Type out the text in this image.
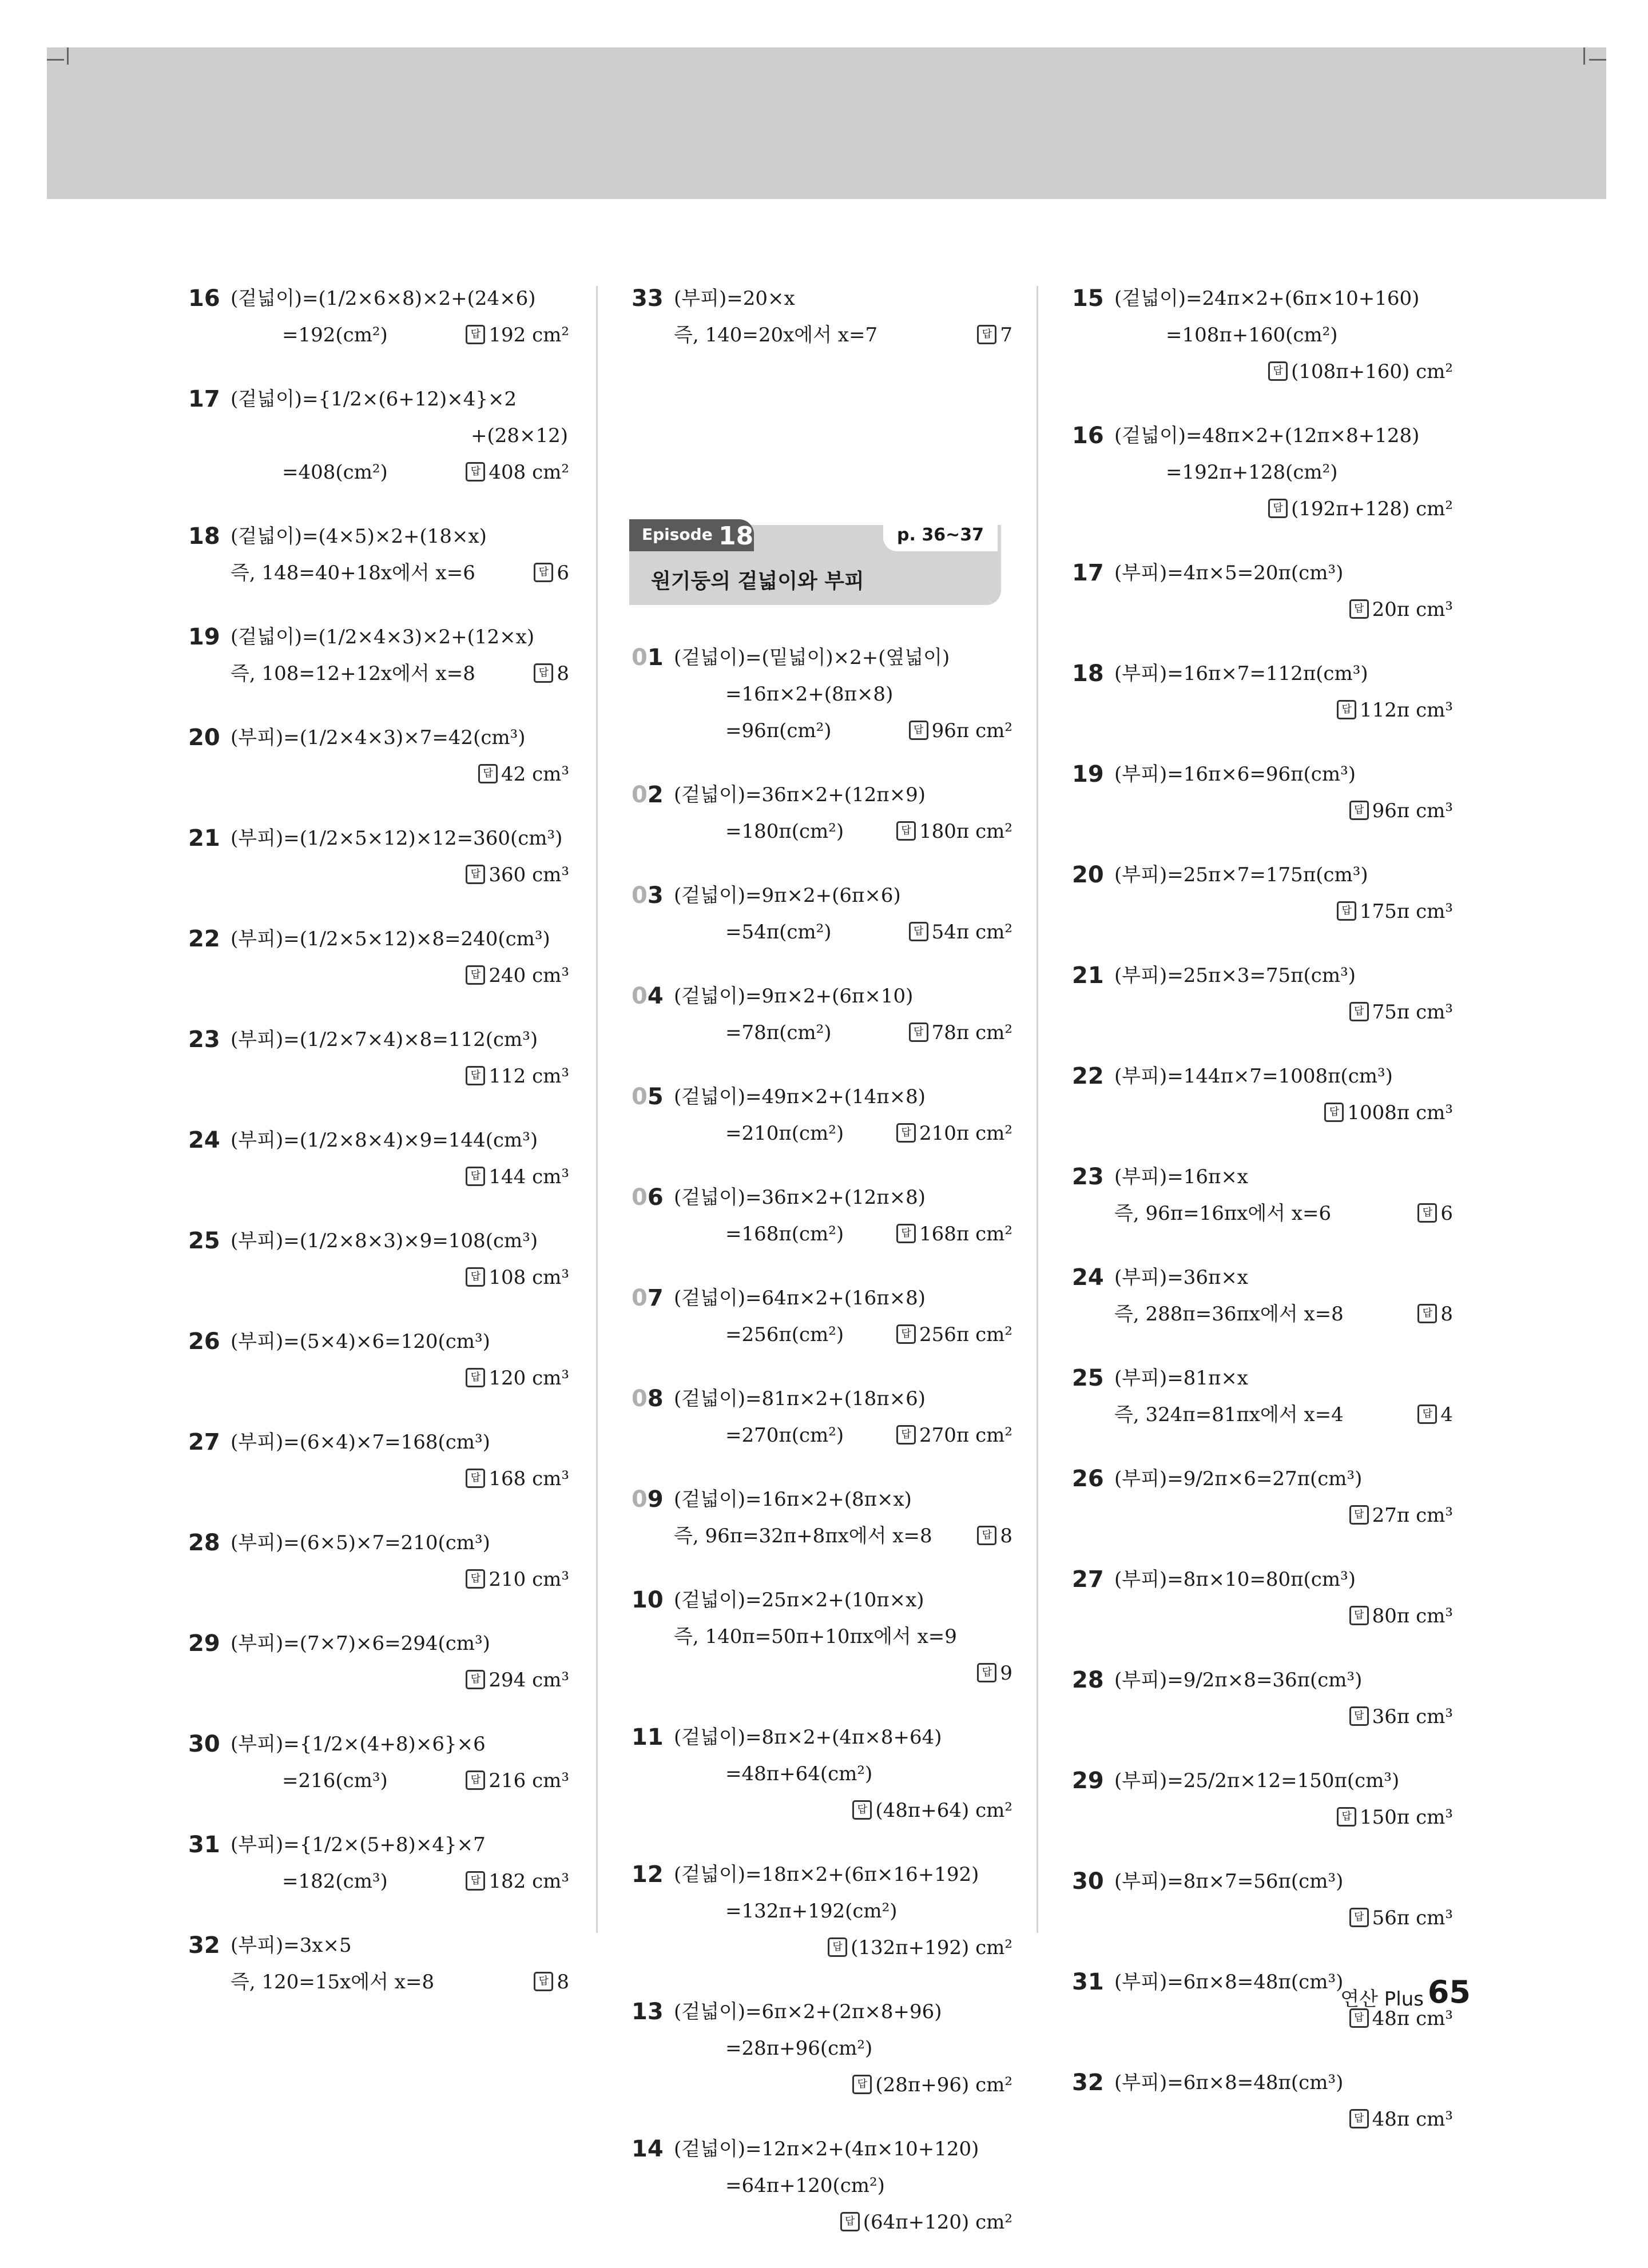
16 (겉넓이)=(1/2×6×8)×2+(24×6)
=192(cm²)	답 192 cm²
17 (겉넓이)={1/2×(6+12)×4}×2
+(28×12)
=408(cm²)	답 408 cm²
18 (겉넓이)=(4×5)×2+(18×x)
즉, 148=40+18x에서 x=6	답 6
19 (겉넓이)=(1/2×4×3)×2+(12×x)
즉, 108=12+12x에서 x=8	답 8
20 (부피)=(1/2×4×3)×7=42(cm³)
답 42 cm³
21 (부피)=(1/2×5×12)×12=360(cm³)
답 360 cm³
22 (부피)=(1/2×5×12)×8=240(cm³)
답 240 cm³
23 (부피)=(1/2×7×4)×8=112(cm³)
답 112 cm³
24 (부피)=(1/2×8×4)×9=144(cm³)
답 144 cm³
25 (부피)=(1/2×8×3)×9=108(cm³)
답 108 cm³
26 (부피)=(5×4)×6=120(cm³)
답 120 cm³
27 (부피)=(6×4)×7=168(cm³)
답 168 cm³
28 (부피)=(6×5)×7=210(cm³)
답 210 cm³
29 (부피)=(7×7)×6=294(cm³)
답 294 cm³
30 (부피)={1/2×(4+8)×6}×6
=216(cm³)	답 216 cm³
31 (부피)={1/2×(5+8)×4}×7
=182(cm³)	답 182 cm³
32 (부피)=3x×5
즉, 120=15x에서 x=8	답 8
33 (부피)=20×x
즉, 140=20x에서 x=7	답 7
Episode 18	p. 36~37
원기둥의 겉넓이와 부피
01 (겉넓이)=(밑넓이)×2+(옆넓이)
=16π×2+(8π×8)
=96π(cm²)	답 96π cm²
02 (겉넓이)=36π×2+(12π×9)
=180π(cm²)	답 180π cm²
03 (겉넓이)=9π×2+(6π×6)
=54π(cm²)	답 54π cm²
04 (겉넓이)=9π×2+(6π×10)
=78π(cm²)	답 78π cm²
05 (겉넓이)=49π×2+(14π×8)
=210π(cm²)	답 210π cm²
06 (겉넓이)=36π×2+(12π×8)
=168π(cm²)	답 168π cm²
07 (겉넓이)=64π×2+(16π×8)
=256π(cm²)	답 256π cm²
08 (겉넓이)=81π×2+(18π×6)
=270π(cm²)	답 270π cm²
09 (겉넓이)=16π×2+(8π×x)
즉, 96π=32π+8πx에서 x=8	답 8
10 (겉넓이)=25π×2+(10π×x)
즉, 140π=50π+10πx에서 x=9
답 9
11 (겉넓이)=8π×2+(4π×8+64)
=48π+64(cm²)
답 (48π+64) cm²
12 (겉넓이)=18π×2+(6π×16+192)
=132π+192(cm²)
답 (132π+192) cm²
13 (겉넓이)=6π×2+(2π×8+96)
=28π+96(cm²)
답 (28π+96) cm²
14 (겉넓이)=12π×2+(4π×10+120)
=64π+120(cm²)
답 (64π+120) cm²
15 (겉넓이)=24π×2+(6π×10+160)
=108π+160(cm²)
답 (108π+160) cm²
16 (겉넓이)=48π×2+(12π×8+128)
=192π+128(cm²)
답 (192π+128) cm²
17 (부피)=4π×5=20π(cm³)
답 20π cm³
18 (부피)=16π×7=112π(cm³)
답 112π cm³
19 (부피)=16π×6=96π(cm³)
답 96π cm³
20 (부피)=25π×7=175π(cm³)
답 175π cm³
21 (부피)=25π×3=75π(cm³)
답 75π cm³
22 (부피)=144π×7=1008π(cm³)
답 1008π cm³
23 (부피)=16π×x
즉, 96π=16πx에서 x=6	답 6
24 (부피)=36π×x
즉, 288π=36πx에서 x=8	답 8
25 (부피)=81π×x
즉, 324π=81πx에서 x=4	답 4
26 (부피)=9/2π×6=27π(cm³)
답 27π cm³
27 (부피)=8π×10=80π(cm³)
답 80π cm³
28 (부피)=9/2π×8=36π(cm³)
답 36π cm³
29 (부피)=25/2π×12=150π(cm³)
답 150π cm³
30 (부피)=8π×7=56π(cm³)
답 56π cm³
31 (부피)=6π×8=48π(cm³)
답 48π cm³
32 (부피)=6π×8=48π(cm³)
답 48π cm³
연산 Plus 65
